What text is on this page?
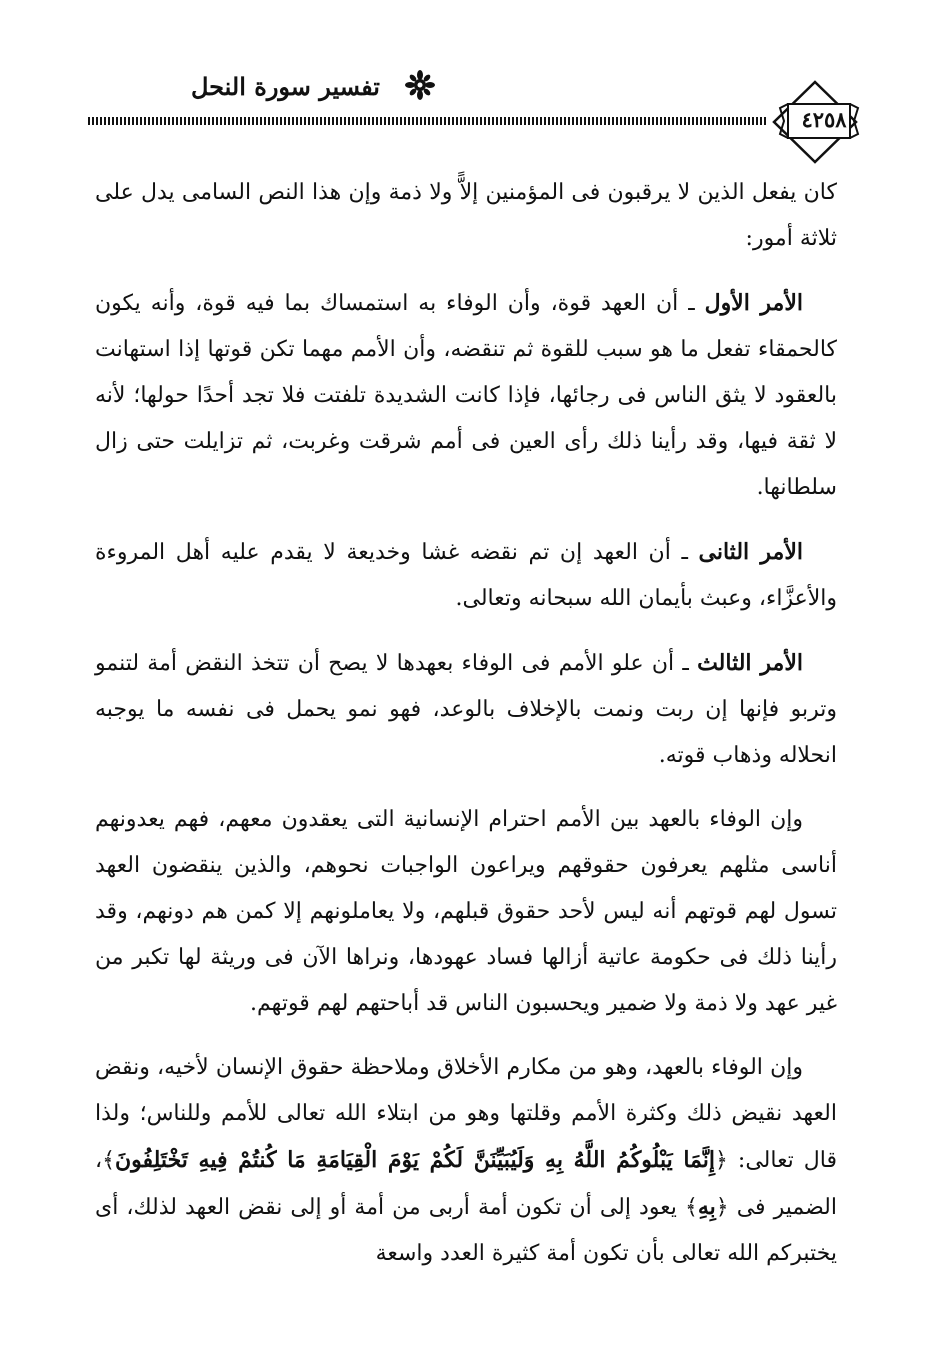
تفسير سورة النحل
٤٢٥٨

كان يفعل الذين لا يرقبون فى المؤمنين إلاًّ ولا ذمة وإن هذا النص السامى يدل على ثلاثة أمور:

الأمر الأول ـ أن العهد قوة، وأن الوفاء به استمساك بما فيه قوة، وأنه يكون كالحمقاء تفعل ما هو سبب للقوة ثم تنقضه، وأن الأمم مهما تكن قوتها إذا استهانت بالعقود لا يثق الناس فى رجائها، فإذا كانت الشديدة تلفتت فلا تجد أحدًا حولها؛ لأنه لا ثقة فيها، وقد رأينا ذلك رأى العين فى أمم شرقت وغربت، ثم تزايلت حتى زال سلطانها.

الأمر الثانى ـ أن العهد إن تم نقضه غشا وخديعة لا يقدم عليه أهل المروءة والأعزَّاء، وعبث بأيمان الله سبحانه وتعالى.

الأمر الثالث ـ أن علو الأمم فى الوفاء بعهدها لا يصح أن تتخذ النقض أمة لتنمو وتربو فإنها إن ربت ونمت بالإخلاف بالوعد، فهو نمو يحمل فى نفسه ما يوجبه انحلاله وذهاب قوته.

وإن الوفاء بالعهد بين الأمم احترام الإنسانية التى يعقدون معهم، فهم يعدونهم أناسى مثلهم يعرفون حقوقهم ويراعون الواجبات نحوهم، والذين ينقضون العهد تسول لهم قوتهم أنه ليس لأحد حقوق قبلهم، ولا يعاملونهم إلا كمن هم دونهم، وقد رأينا ذلك فى حكومة عاتية أزالها فساد عهودها، ونراها الآن فى وريثة لها تكبر من غير عهد ولا ذمة ولا ضمير ويحسبون الناس قد أباحتهم لهم قوتهم.

وإن الوفاء بالعهد، وهو من مكارم الأخلاق وملاحظة حقوق الإنسان لأخيه، ونقض العهد نقيض ذلك وكثرة الأمم وقلتها وهو من ابتلاء الله تعالى للأمم وللناس؛ ولذا قال تعالى: ﴿إِنَّمَا يَبْلُوكُمُ اللَّهُ بِهِ وَلَيُبَيِّنَنَّ لَكُمْ يَوْمَ الْقِيَامَةِ مَا كُنتُمْ فِيهِ تَخْتَلِفُونَ﴾، الضمير فى ﴿بِهِ﴾ يعود إلى أن تكون أمة أربى من أمة أو إلى نقض العهد لذلك، أى يختبركم الله تعالى بأن تكون أمة كثيرة العدد واسعة
